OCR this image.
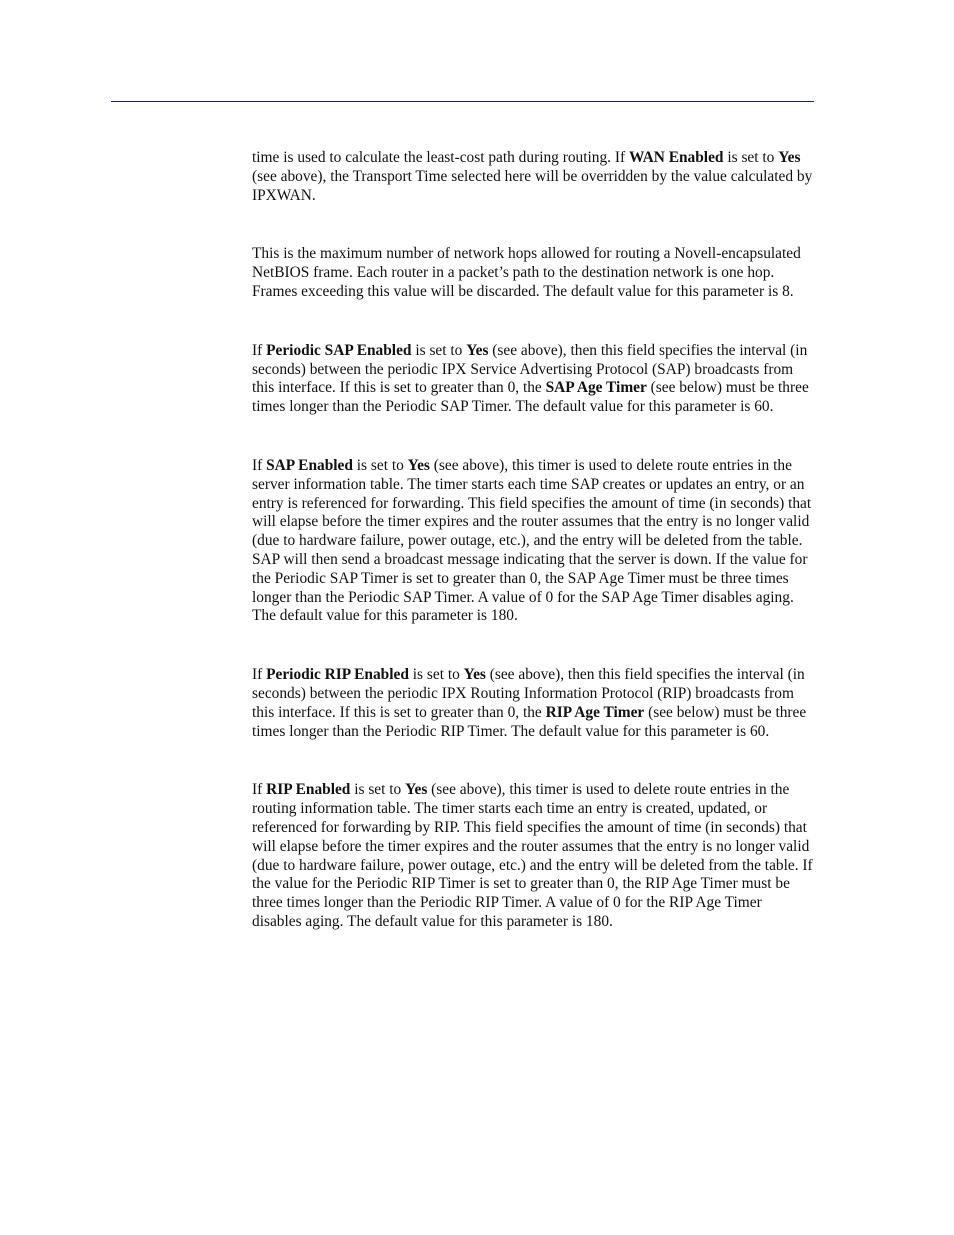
time is used to calculate the least-cost path during routing. If WAN Enabled is set to Yes (see above), the Transport Time selected here will be overridden by the value calculated by IPXWAN.

This is the maximum number of network hops allowed for routing a Novell-encapsulated NetBIOS frame. Each router in a packet’s path to the destination network is one hop. Frames exceeding this value will be discarded. The default value for this parameter is 8.

If Periodic SAP Enabled is set to Yes (see above), then this field specifies the interval (in seconds) between the periodic IPX Service Advertising Protocol (SAP) broadcasts from this interface. If this is set to greater than 0, the SAP Age Timer (see below) must be three times longer than the Periodic SAP Timer. The default value for this parameter is 60.

If SAP Enabled is set to Yes (see above), this timer is used to delete route entries in the server information table. The timer starts each time SAP creates or updates an entry, or an entry is referenced for forwarding. This field specifies the amount of time (in seconds) that will elapse before the timer expires and the router assumes that the entry is no longer valid (due to hardware failure, power outage, etc.), and the entry will be deleted from the table. SAP will then send a broadcast message indicating that the server is down. If the value for the Periodic SAP Timer is set to greater than 0, the SAP Age Timer must be three times longer than the Periodic SAP Timer. A value of 0 for the SAP Age Timer disables aging. The default value for this parameter is 180.

If Periodic RIP Enabled is set to Yes (see above), then this field specifies the interval (in seconds) between the periodic IPX Routing Information Protocol (RIP) broadcasts from this interface. If this is set to greater than 0, the RIP Age Timer (see below) must be three times longer than the Periodic RIP Timer. The default value for this parameter is 60.

If RIP Enabled is set to Yes (see above), this timer is used to delete route entries in the routing information table. The timer starts each time an entry is created, updated, or referenced for forwarding by RIP. This field specifies the amount of time (in seconds) that will elapse before the timer expires and the router assumes that the entry is no longer valid (due to hardware failure, power outage, etc.) and the entry will be deleted from the table. If the value for the Periodic RIP Timer is set to greater than 0, the RIP Age Timer must be three times longer than the Periodic RIP Timer. A value of 0 for the RIP Age Timer disables aging. The default value for this parameter is 180.
